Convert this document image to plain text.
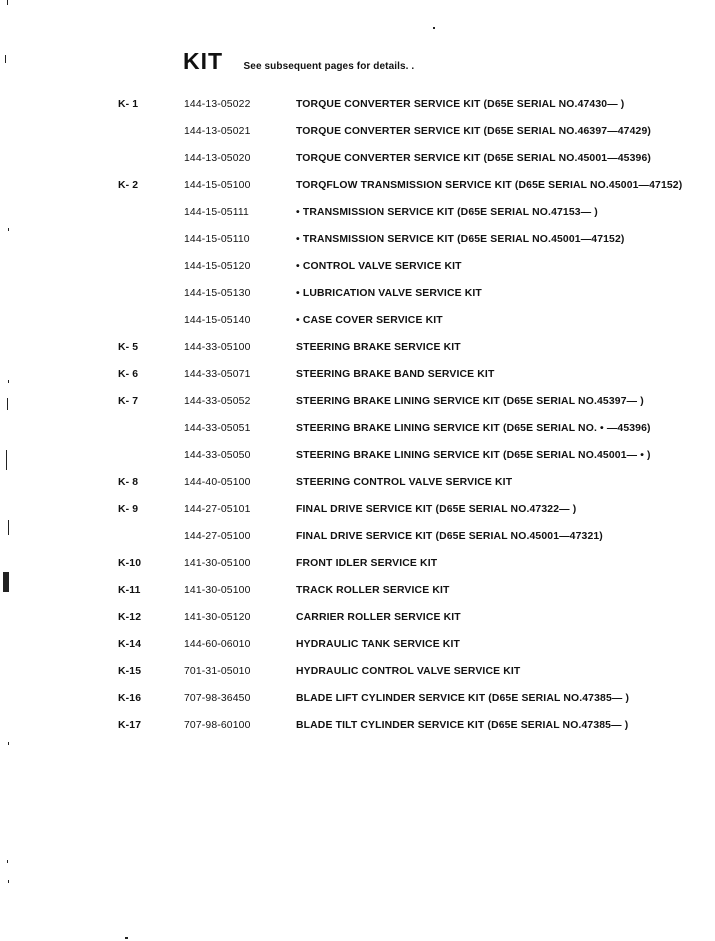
KIT See subsequent pages for details. .
K- 1	144-13-05022	TORQUE CONVERTER SERVICE KIT (D65E SERIAL NO.47430— )
144-13-05021	TORQUE CONVERTER SERVICE KIT (D65E SERIAL NO.46397—47429)
144-13-05020	TORQUE CONVERTER SERVICE KIT (D65E SERIAL NO.45001—45396)
K- 2	144-15-05100	TORQFLOW TRANSMISSION SERVICE KIT (D65E SERIAL NO.45001—47152)
144-15-05111	• TRANSMISSION SERVICE KIT (D65E SERIAL NO.47153— )
144-15-05110	• TRANSMISSION SERVICE KIT (D65E SERIAL NO.45001—47152)
144-15-05120	• CONTROL VALVE SERVICE KIT
144-15-05130	• LUBRICATION VALVE SERVICE KIT
144-15-05140	• CASE COVER SERVICE KIT
K- 5	144-33-05100	STEERING BRAKE SERVICE KIT
K- 6	144-33-05071	STEERING BRAKE BAND SERVICE KIT
K- 7	144-33-05052	STEERING BRAKE LINING SERVICE KIT (D65E SERIAL NO.45397— )
144-33-05051	STEERING BRAKE LINING SERVICE KIT (D65E SERIAL NO. • —45396)
144-33-05050	STEERING BRAKE LINING SERVICE KIT (D65E SERIAL NO.45001— • )
K- 8	144-40-05100	STEERING CONTROL VALVE SERVICE KIT
K- 9	144-27-05101	FINAL DRIVE SERVICE KIT (D65E SERIAL NO.47322— )
144-27-05100	FINAL DRIVE SERVICE KIT (D65E SERIAL NO.45001—47321)
K-10	141-30-05100	FRONT IDLER SERVICE KIT
K-11	141-30-05100	TRACK ROLLER SERVICE KIT
K-12	141-30-05120	CARRIER ROLLER SERVICE KIT
K-14	144-60-06010	HYDRAULIC TANK SERVICE KIT
K-15	701-31-05010	HYDRAULIC CONTROL VALVE SERVICE KIT
K-16	707-98-36450	BLADE LIFT CYLINDER SERVICE KIT (D65E SERIAL NO.47385— )
K-17	707-98-60100	BLADE TILT CYLINDER SERVICE KIT (D65E SERIAL NO.47385— )
